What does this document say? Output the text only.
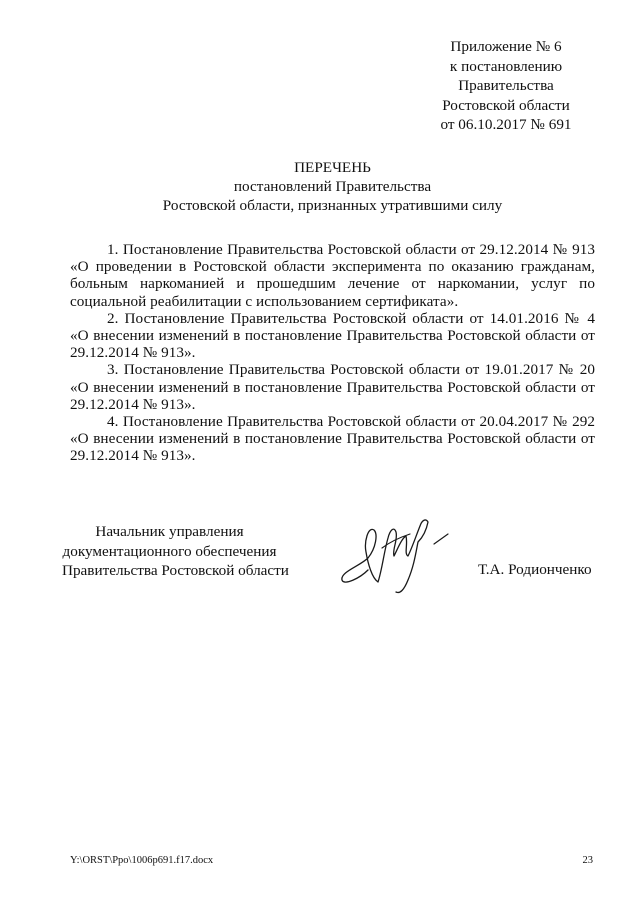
Приложение № 6
к постановлению
Правительства
Ростовской области
от 06.10.2017 № 691
ПЕРЕЧЕНЬ
постановлений Правительства
Ростовской области, признанных утратившими силу

1. Постановление Правительства Ростовской области от 29.12.2014 № 913 «О проведении в Ростовской области эксперимента по оказанию гражданам, больным наркоманией и прошедшим лечение от наркомании, услуг по социальной реабилитации с использованием сертификата».

2. Постановление Правительства Ростовской области от 14.01.2016 № 4 «О внесении изменений в постановление Правительства Ростовской области от 29.12.2014 № 913».

3. Постановление Правительства Ростовской области от 19.01.2017 № 20 «О внесении изменений в постановление Правительства Ростовской области от 29.12.2014 № 913».

4. Постановление Правительства Ростовской области от 20.04.2017 № 292 «О внесении изменений в постановление Правительства Ростовской области от 29.12.2014 № 913».

Начальник управления
документационного обеспечения
Правительства Ростовской области	Т.А. Родионченко
Y:\ORST\Ppo\1006p691.f17.docx	23
